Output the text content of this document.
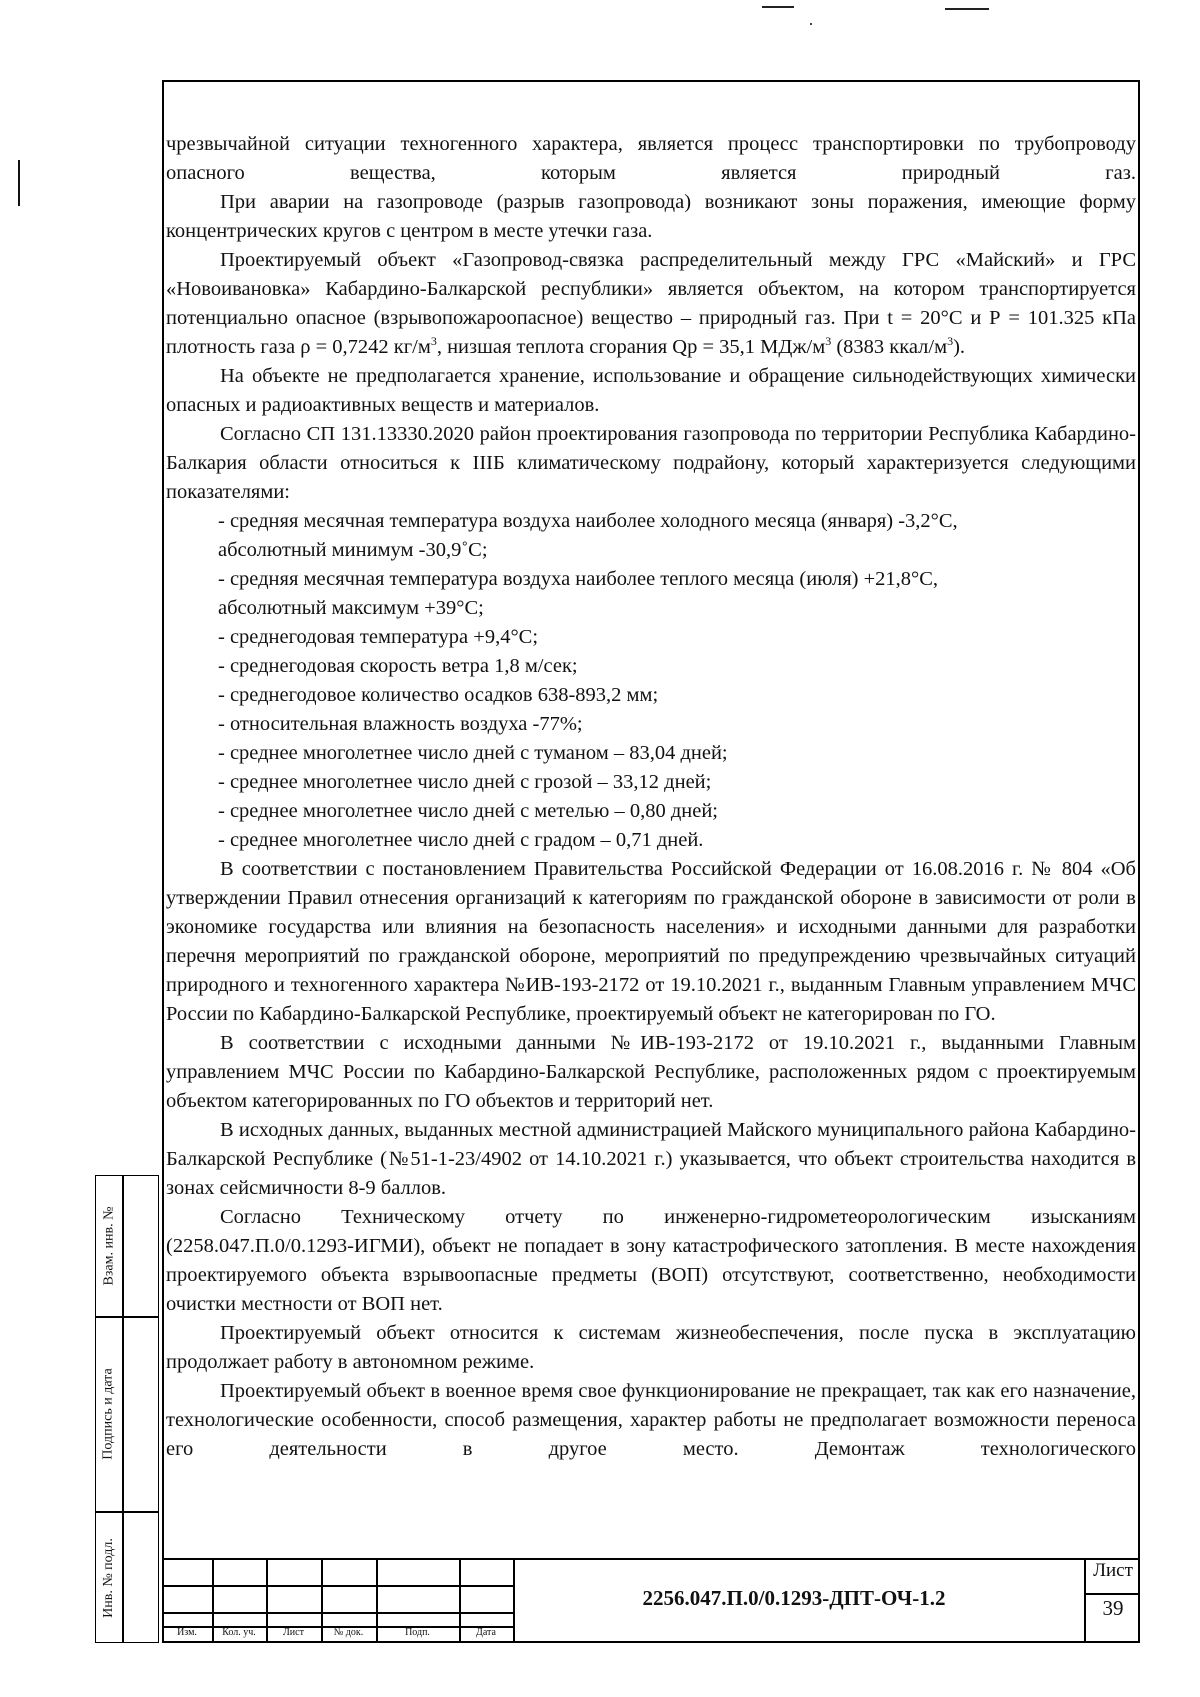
чрезвычайной ситуации техногенного характера, является процесс транспортировки по трубопроводу опасного вещества, которым является природный газ.

При аварии на газопроводе (разрыв газопровода) возникают зоны поражения, имеющие форму концентрических кругов с центром в месте утечки газа.

Проектируемый объект «Газопровод-связка распределительный между ГРС «Майский» и ГРС «Новоивановка» Кабардино-Балкарской республики» является объектом, на котором транспортируется потенциально опасное (взрывопожароопасное) вещество – природный газ. При t = 20°С и Р = 101.325 кПа плотность газа ρ = 0,7242 $кг/м^3$, низшая теплота сгорания Qр = 35,1 МДж/$м^3$ (8383 ккал/$м^3$).

На объекте не предполагается хранение, использование и обращение сильнодействующих химически опасных и радиоактивных веществ и материалов.

Согласно СП 131.13330.2020 район проектирования газопровода по территории Республика Кабардино-Балкария области относиться к IIIБ климатическому подрайону, который характеризуется следующими показателями:

- средняя месячная температура воздуха наиболее холодного месяца (января) -3,2°С,
абсолютный минимум -30,9˚С;

- средняя месячная температура воздуха наиболее теплого месяца (июля) +21,8°С,
абсолютный максимум +39°С;

- среднегодовая температура +9,4°С;

- среднегодовая скорость ветра 1,8 м/сек;

- среднегодовое количество осадков 638-893,2 мм;

- относительная влажность воздуха -77%;

- среднее многолетнее число дней с туманом – 83,04 дней;

- среднее многолетнее число дней с грозой – 33,12 дней;

- среднее многолетнее число дней с метелью – 0,80 дней;

- среднее многолетнее число дней с градом – 0,71 дней.

В соответствии с постановлением Правительства Российской Федерации от 16.08.2016 г. № 804 «Об утверждении Правил отнесения организаций к категориям по гражданской обороне в зависимости от роли в экономике государства или влияния на безопасность населения» и исходными данными для разработки перечня мероприятий по гражданской обороне, мероприятий по предупреждению чрезвычайных ситуаций природного и техногенного характера №ИВ-193-2172 от 19.10.2021 г., выданным Главным управлением МЧС России по Кабардино-Балкарской Республике, проектируемый объект не категорирован по ГО.

В соответствии с исходными данными №ИВ-193-2172 от 19.10.2021 г., выданными Главным управлением МЧС России по Кабардино-Балкарской Республике, расположенных рядом с проектируемым объектом категорированных по ГО объектов и территорий нет.

В исходных данных, выданных местной администрацией Майского муниципального района Кабардино-Балкарской Республике (№51-1-23/4902 от 14.10.2021 г.) указывается, что объект строительства находится в зонах сейсмичности 8-9 баллов.

Согласно Техническому отчету по инженерно-гидрометеорологическим изысканиям (2258.047.П.0/0.1293-ИГМИ), объект не попадает в зону катастрофического затопления. В месте нахождения проектируемого объекта взрывоопасные предметы (ВОП) отсутствуют, соответственно, необходимости очистки местности от ВОП нет.

Проектируемый объект относится к системам жизнеобеспечения, после пуска в эксплуатацию продолжает работу в автономном режиме.

Проектируемый объект в военное время свое функционирование не прекращает, так как его назначение, технологические особенности, способ размещения, характер работы не предполагает возможности переноса его деятельности в другое место. Демонтаж технологического

Взам. инв. №
Подпись и дата
Инв. № подл.
Изм.	Кол. уч.	Лист	№ док.	Подп.	Дата
2256.047.П.0/0.1293-ДПТ-ОЧ-1.2
Лист
39
